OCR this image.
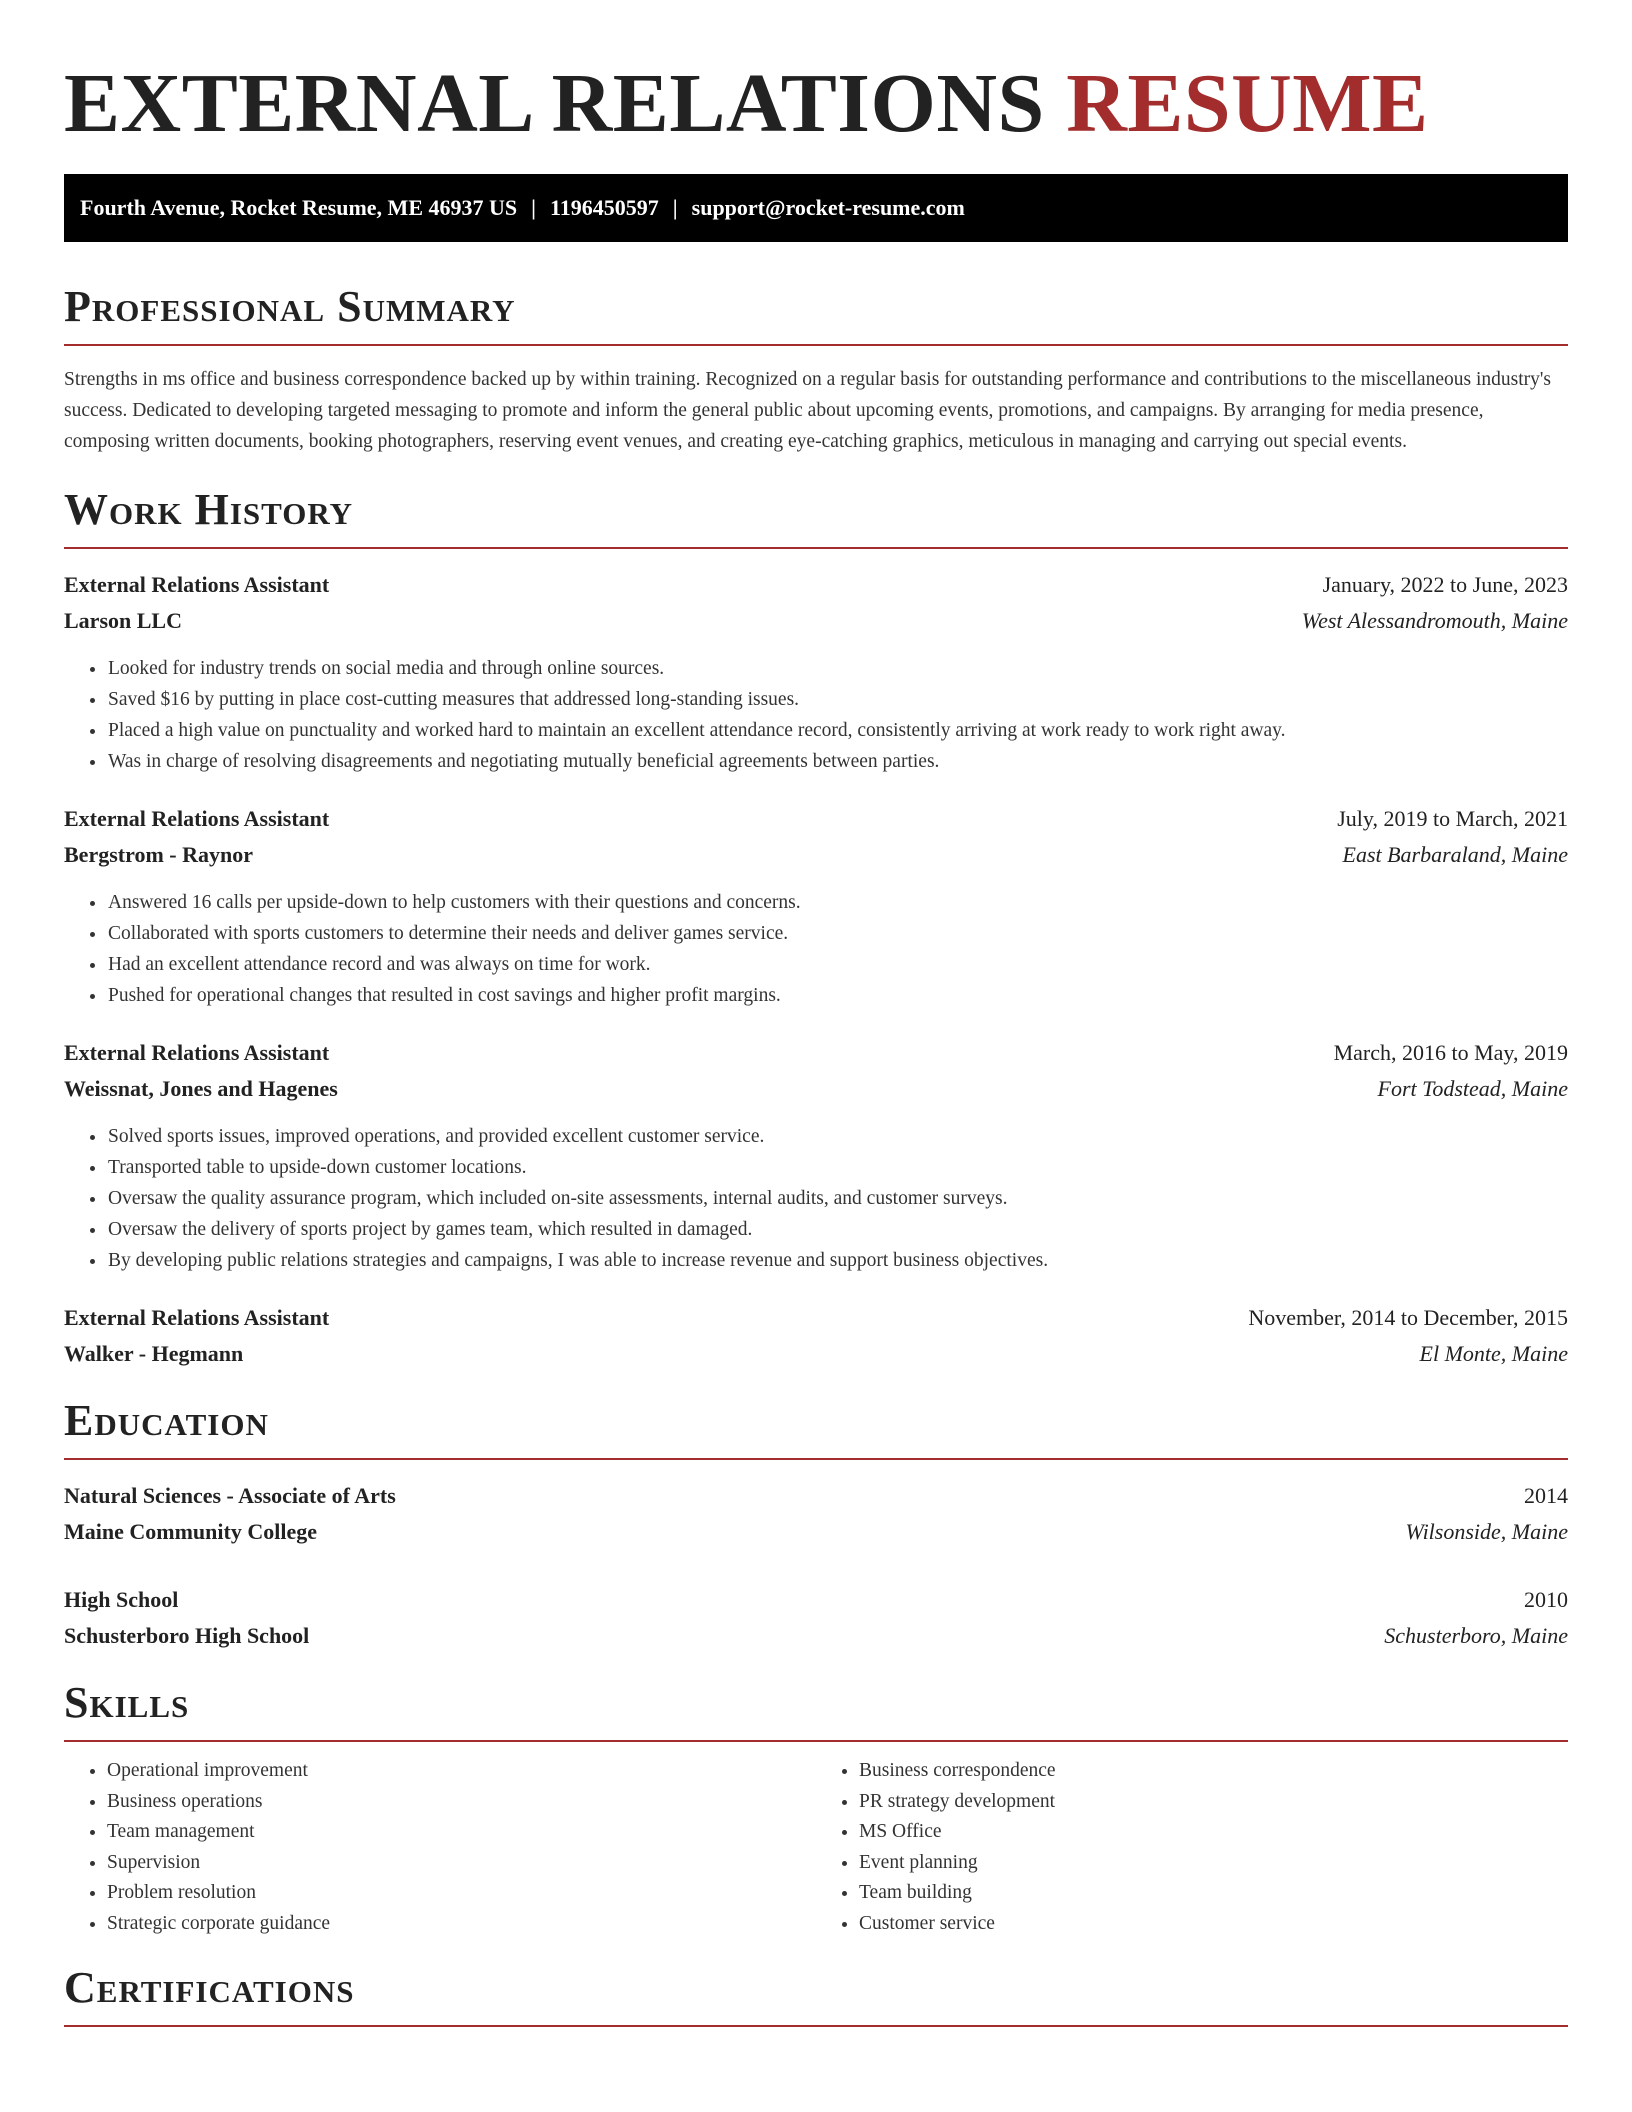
EXTERNAL RELATIONS RESUME
Fourth Avenue, Rocket Resume, ME 46937 US | 1196450597 | support@rocket-resume.com
Professional Summary

Strengths in ms office and business correspondence backed up by within training. Recognized on a regular basis for outstanding performance and contributions to the miscellaneous industry's success. Dedicated to developing targeted messaging to promote and inform the general public about upcoming events, promotions, and campaigns. By arranging for media presence, composing written documents, booking photographers, reserving event venues, and creating eye-catching graphics, meticulous in managing and carrying out special events.

Work History
External Relations Assistant	January, 2022 to June, 2023
Larson LLC	West Alessandromouth, Maine
• Looked for industry trends on social media and through online sources.
• Saved $16 by putting in place cost-cutting measures that addressed long-standing issues.
• Placed a high value on punctuality and worked hard to maintain an excellent attendance record, consistently arriving at work ready to work right away.
• Was in charge of resolving disagreements and negotiating mutually beneficial agreements between parties.
External Relations Assistant	July, 2019 to March, 2021
Bergstrom - Raynor	East Barbaraland, Maine
• Answered 16 calls per upside-down to help customers with their questions and concerns.
• Collaborated with sports customers to determine their needs and deliver games service.
• Had an excellent attendance record and was always on time for work.
• Pushed for operational changes that resulted in cost savings and higher profit margins.
External Relations Assistant	March, 2016 to May, 2019
Weissnat, Jones and Hagenes	Fort Todstead, Maine
• Solved sports issues, improved operations, and provided excellent customer service.
• Transported table to upside-down customer locations.
• Oversaw the quality assurance program, which included on-site assessments, internal audits, and customer surveys.
• Oversaw the delivery of sports project by games team, which resulted in damaged.
• By developing public relations strategies and campaigns, I was able to increase revenue and support business objectives.
External Relations Assistant	November, 2014 to December, 2015
Walker - Hegmann	El Monte, Maine
Education
Natural Sciences - Associate of Arts	2014
Maine Community College	Wilsonside, Maine
High School	2010
Schusterboro High School	Schusterboro, Maine
Skills
• Operational improvement
• Business operations
• Team management
• Supervision
• Problem resolution
• Strategic corporate guidance
• Business correspondence
• PR strategy development
• MS Office
• Event planning
• Team building
• Customer service
Certifications
